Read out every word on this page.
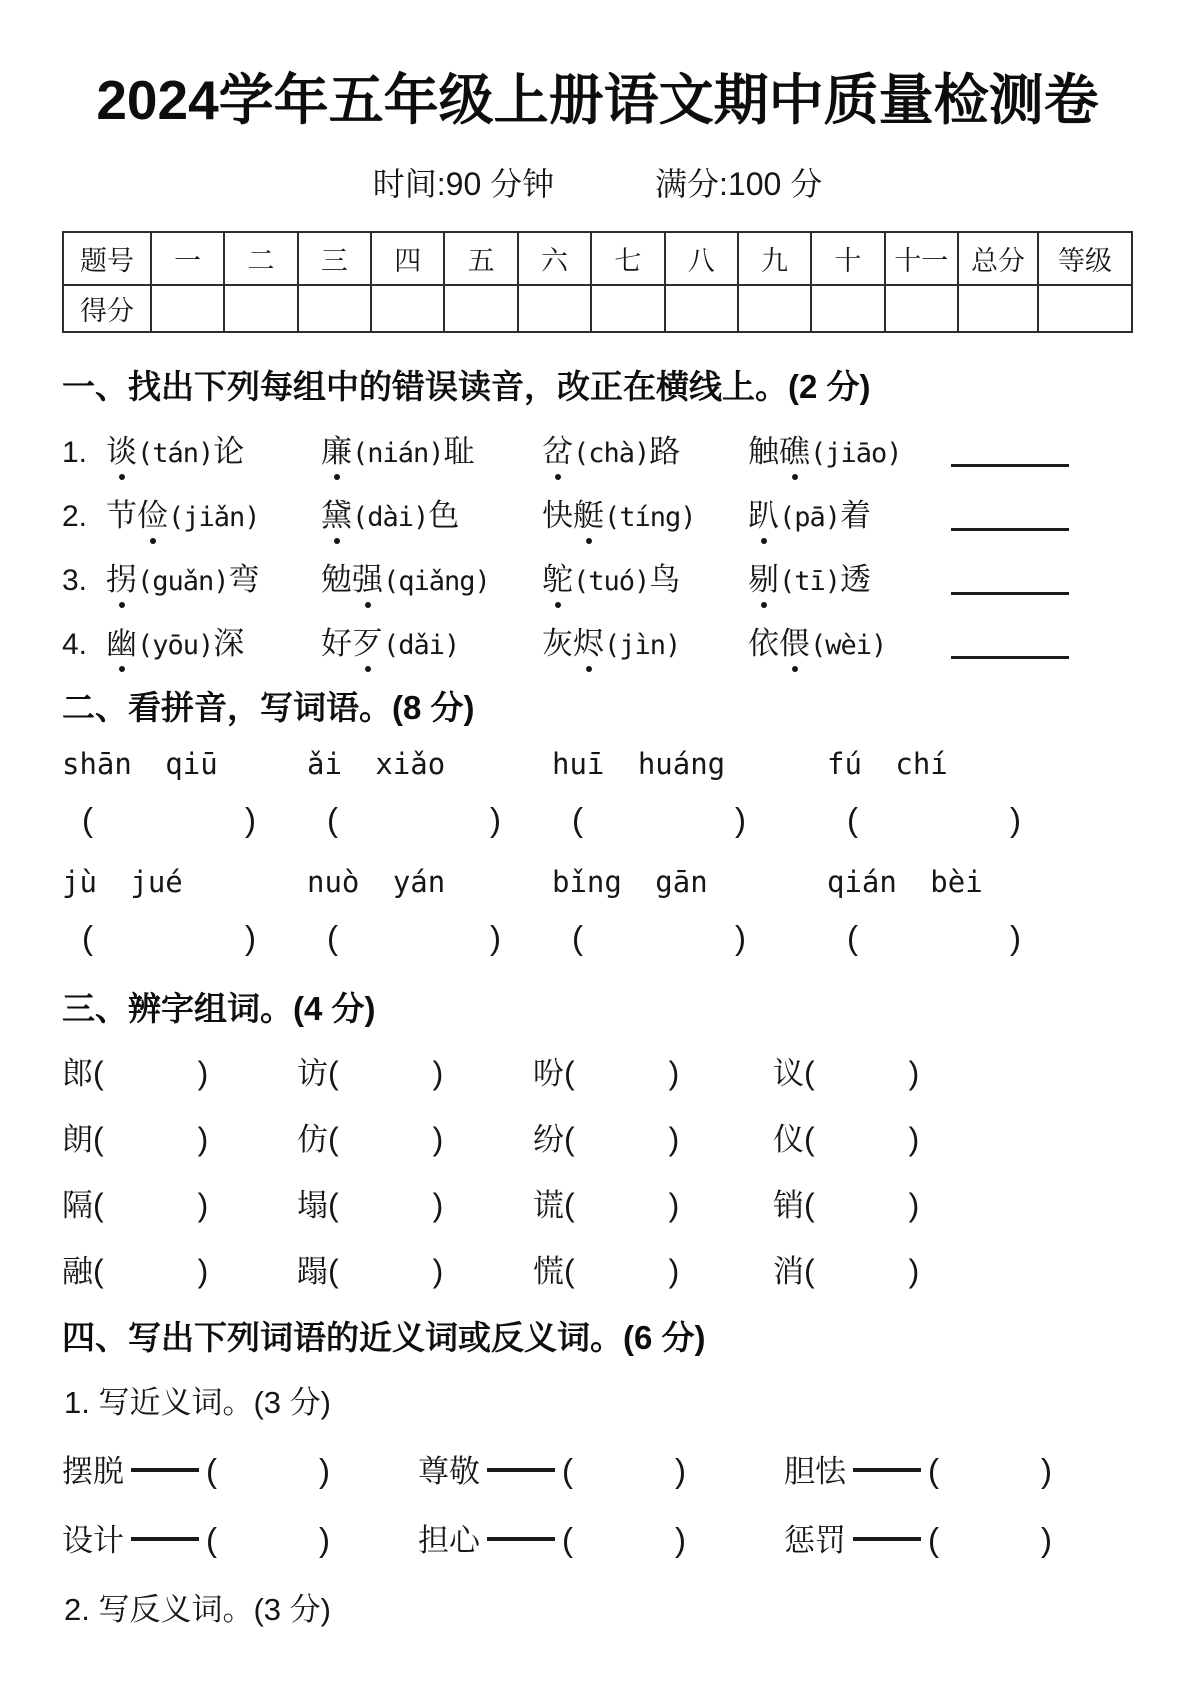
2024学年五年级上册语文期中质量检测卷
时间:90 分钟	满分:100 分
题号	一	二	三	四	五	六	七	八	九	十	十一	总分	等级
得分													
一、找出下列每组中的错误读音，改正在横线上。(2 分)
1. 谈(tán)论	廉(nián)耻	岔(chà)路	触礁(jiāo)
2. 节俭(jiǎn)	黛(dài)色	快艇(tíng)	趴(pā)着
3. 拐(guǎn)弯	勉强(qiǎng)	鸵(tuó)鸟	剔(tī)透
4. 幽(yōu)深	好歹(dǎi)	灰烬(jìn)	依偎(wèi)
二、看拼音，写词语。(8 分)
shān qiū	ǎi xiǎo	huī huáng	fú chí
(	)	(	)	(	)	(	)
jù jué	nuò yán	bǐng gān	qián bèi
(	)	(	)	(	)	(	)
三、辨字组词。(4 分)
郎(	)	访(	)	吩(	)	议(	)
朗(	)	仿(	)	纷(	)	仪(	)
隔(	)	塌(	)	谎(	)	销(	)
融(	)	蹋(	)	慌(	)	消(	)
四、写出下列词语的近义词或反义词。(6 分)

1. 写近义词。(3 分)

摆脱 (	)	尊敬 (	)	胆怯 (	)
设计 (	)	担心 (	)	惩罚 (	)

2. 写反义词。(3 分)
